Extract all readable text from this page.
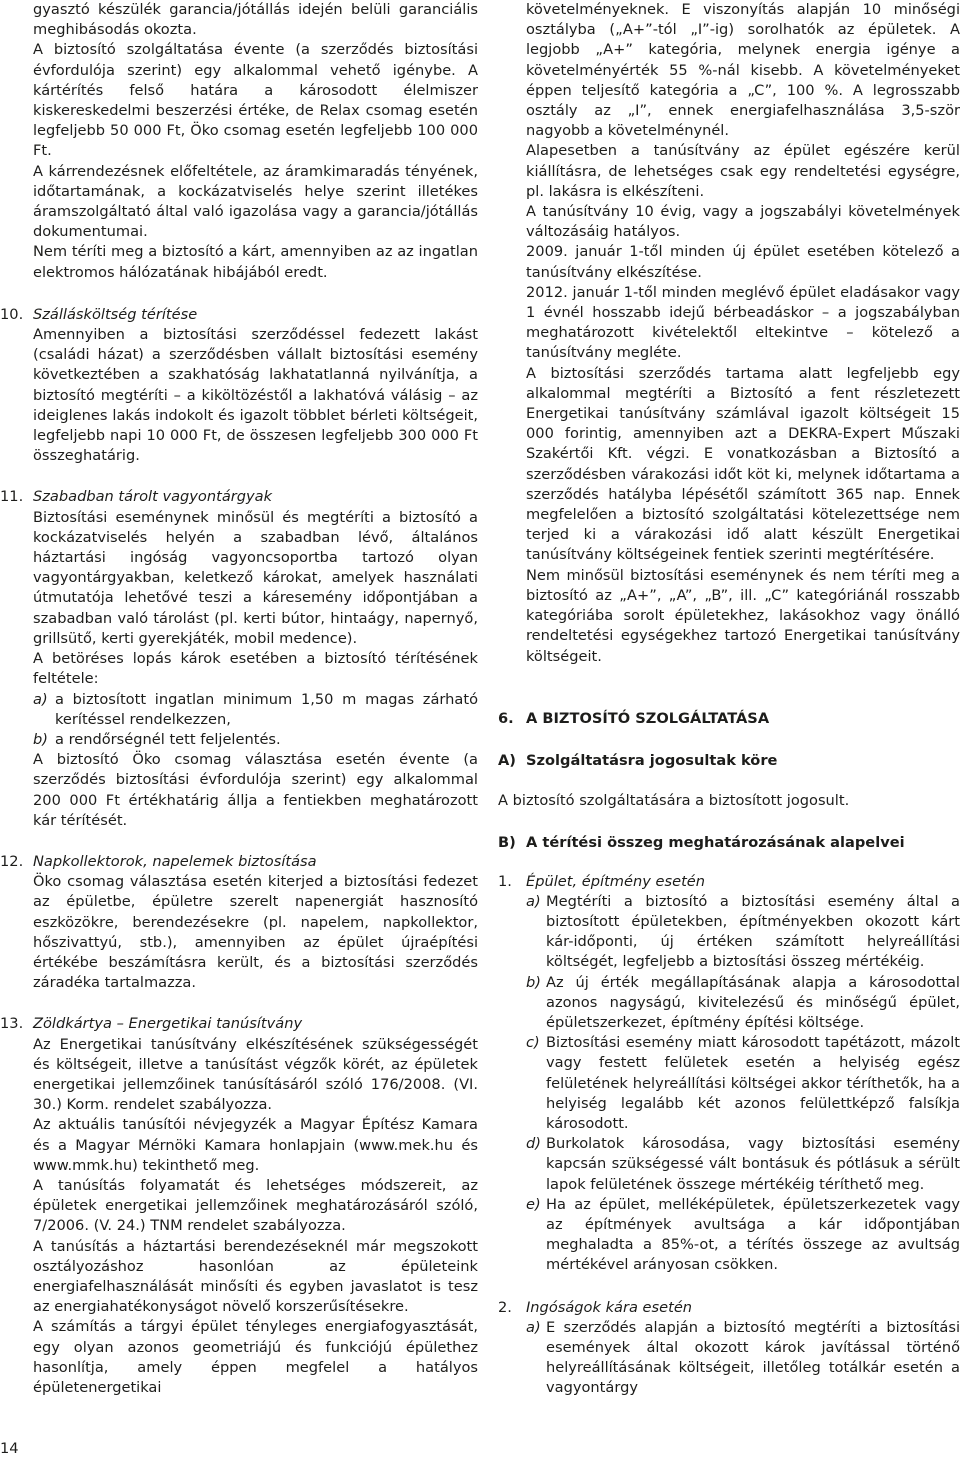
gyasztó készülék garancia/jótállás idején belüli garanciális meghibásodás okozta.

A biztosító szolgáltatása évente (a szerződés biztosítási évfordulója szerint) egy alkalommal vehető igénybe. A kártérítés felső határa a károsodott élelmiszer kiskereskedelmi beszerzési értéke, de Relax csomag esetén legfeljebb 50 000 Ft, Öko csomag esetén legfeljebb 100 000 Ft.

A kárrendezésnek előfeltétele, az áramkimaradás tényének, időtartamának, a kockázatviselés helye szerint illetékes áramszolgáltató által való igazolása vagy a garancia/jótállás dokumentumai.

Nem téríti meg a biztosító a kárt, amennyiben az az ingatlan elektromos hálózatának hibájából eredt.

10. Szállásköltség térítése

Amennyiben a biztosítási szerződéssel fedezett lakást (családi házat) a szerződésben vállalt biztosítási esemény következtében a szakhatóság lakhatatlanná nyilvánítja, a biztosító megtéríti – a kiköltözéstől a lakhatóvá válásig – az ideiglenes lakás indokolt és igazolt többlet bérleti költségeit, legfeljebb napi 10 000 Ft, de összesen legfeljebb 300 000 Ft összeghatárig.

11. Szabadban tárolt vagyontárgyak

Biztosítási eseménynek minősül és megtéríti a biztosító a kockázatviselés helyén a szabadban lévő, általános háztartási ingóság vagyoncsoportba tartozó olyan vagyontárgyakban, keletkező károkat, amelyek használati útmutatója lehetővé teszi a káresemény időpontjában a szabadban való tárolást (pl. kerti bútor, hintaágy, napernyő, grillsütő, kerti gyerekjáték, mobil medence).

A betöréses lopás károk esetében a biztosító térítésének feltétele:

a) a biztosított ingatlan minimum 1,50 m magas zárható kerítéssel rendelkezzen,

b) a rendőrségnél tett feljelentés.

A biztosító Öko csomag választása esetén évente (a szerződés biztosítási évfordulója szerint) egy alkalommal 200 000 Ft értékhatárig állja a fentiekben meghatározott kár térítését.

12. Napkollektorok, napelemek biztosítása

Öko csomag választása esetén kiterjed a biztosítási fedezet az épületbe, épületre szerelt napenergiát hasznosító eszközökre, berendezésekre (pl. napelem, napkollektor, hőszivattyú, stb.), amennyiben az épület újraépítési értékébe beszámításra került, és a biztosítási szerződés záradéka tartalmazza.

13. Zöldkártya – Energetikai tanúsítvány

Az Energetikai tanúsítvány elkészítésének szükségességét és költségeit, illetve a tanúsítást végzők körét, az épületek energetikai jellemzőinek tanúsításáról szóló 176/2008. (VI. 30.) Korm. rendelet szabályozza.

Az aktuális tanúsítói névjegyzék a Magyar Építész Kamara és a Magyar Mérnöki Kamara honlapjain (www.mek.hu és www.mmk.hu) tekinthető meg.

A tanúsítás folyamatát és lehetséges módszereit, az épületek energetikai jellemzőinek meghatározásáról szóló, 7/2006. (V. 24.) TNM rendelet szabályozza.

A tanúsítás a háztartási berendezéseknél már megszokott osztályozáshoz hasonlóan az épületeink energiafelhasználását minősíti és egyben javaslatot is tesz az energiahatékonyságot növelő korszerűsítésekre.

A számítás a tárgyi épület tényleges energiafogyasztását, egy olyan azonos geometriájú és funkciójú épülethez hasonlítja, amely éppen megfelel a hatályos épületenergetikai

követelményeknek. E viszonyítás alapján 10 minőségi osztályba („A+”-tól „I”-ig) sorolhatók az épületek. A legjobb „A+” kategória, melynek energia igénye a követelményérték 55 %-nál kisebb. A követelményeket éppen teljesítő kategória a „C”, 100 %. A legrosszabb osztály az „I”, ennek energiafelhasználása 3,5-ször nagyobb a követelménynél.

Alapesetben a tanúsítvány az épület egészére kerül kiállításra, de lehetséges csak egy rendeltetési egységre, pl. lakásra is elkészíteni.

A tanúsítvány 10 évig, vagy a jogszabályi követelmények változásáig hatályos.

2009. január 1-től minden új épület esetében kötelező a tanúsítvány elkészítése.

2012. január 1-től minden meglévő épület eladásakor vagy 1 évnél hosszabb idejű bérbeadáskor – a jogszabályban meghatározott kivételektől eltekintve – kötelező a tanúsítvány megléte.

A biztosítási szerződés tartama alatt legfeljebb egy alkalommal megtéríti a Biztosító a fent részletezett Energetikai tanúsítvány számlával igazolt költségeit 15 000 forintig, amennyiben azt a DEKRA-Expert Műszaki Szakértői Kft. végzi. E vonatkozásban a Biztosító a szerződésben várakozási időt köt ki, melynek időtartama a szerződés hatályba lépésétől számított 365 nap. Ennek megfelelően a biztosító szolgáltatási kötelezettsége nem terjed ki a várakozási idő alatt készült Energetikai tanúsítvány költségeinek fentiek szerinti megtérítésére.

Nem minősül biztosítási eseménynek és nem téríti meg a biztosító az „A+”, „A”, „B”, ill. „C” kategóriánál rosszabb kategóriába sorolt épületekhez, lakásokhoz vagy önálló rendeltetési egységekhez tartozó Energetikai tanúsítvány költségeit.

6. A BIZTOSÍTÓ SZOLGÁLTATÁSA
A) Szolgáltatásra jogosultak köre

A biztosító szolgáltatására a biztosított jogosult.

B) A térítési összeg meghatározásának alapelvei
1. Épület, építmény esetén

a) Megtéríti a biztosító a biztosítási esemény által a biztosított épületekben, építményekben okozott kárt kár-időponti, új értéken számított helyreállítási költségét, legfeljebb a biztosítási összeg mértékéig.

b) Az új érték megállapításának alapja a károsodottal azonos nagyságú, kivitelezésű és minőségű épület, épületszerkezet, építmény építési költsége.

c) Biztosítási esemény miatt károsodott tapétázott, mázolt vagy festett felületek esetén a helyiség egész felületének helyreállítási költségei akkor téríthetők, ha a helyiség legalább két azonos felülettképző falsíkja károsodott.

d) Burkolatok károsodása, vagy biztosítási esemény kapcsán szükségessé vált bontásuk és pótlásuk a sérült lapok felületének összege mértékéig téríthető meg.

e) Ha az épület, melléképületek, épületszerkezetek vagy az építmények avultsága a kár időpontjában meghaladta a 85%-ot, a térítés összege az avultság mértékével arányosan csökken.

2. Ingóságok kára esetén

a) E szerződés alapján a biztosító megtéríti a biztosítási események által okozott károk javítással történő helyreállításának költségeit, illetőleg totálkár esetén a vagyontárgy

14
